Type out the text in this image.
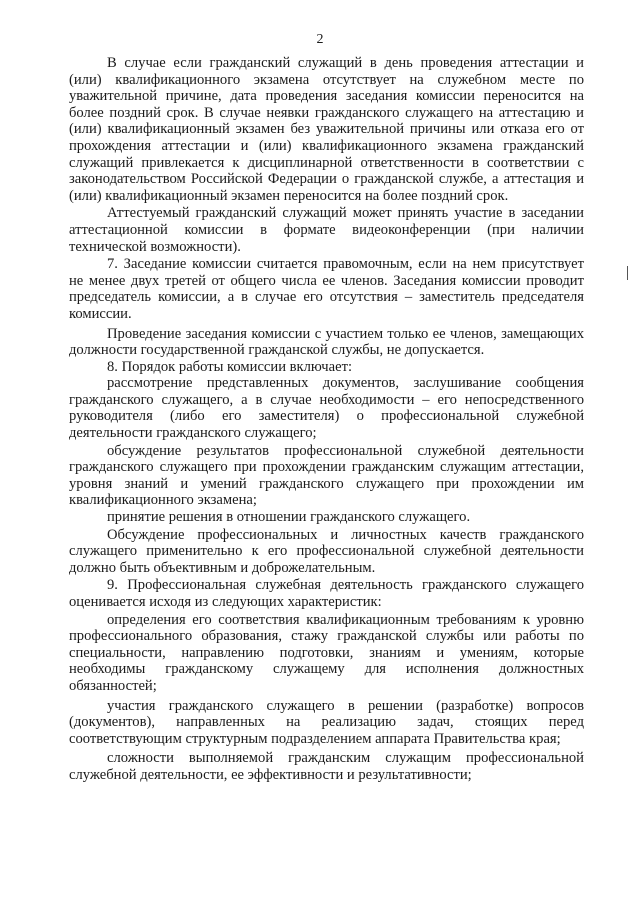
2

В случае если гражданский служащий в день проведения аттестации и (или) квалификационного экзамена отсутствует на служебном месте по уважительной причине, дата проведения заседания комиссии переносится на более поздний срок. В случае неявки гражданского служащего на аттестацию и (или) квалификационный экзамен без уважительной причины или отказа его от прохождения аттестации и (или) квалификационного экзамена гражданский служащий привлекается к дисциплинарной ответственности в соответствии с законодательством Российской Федерации о гражданской службе, а аттестация и (или) квалификационный экзамен переносится на более поздний срок.

Аттестуемый гражданский служащий может принять участие в заседании аттестационной комиссии в формате видеоконференции (при наличии технической возможности).

7. Заседание комиссии считается правомочным, если на нем присутствует не менее двух третей от общего числа ее членов. Заседания комиссии проводит председатель комиссии, а в случае его отсутствия – заместитель председателя комиссии.

Проведение заседания комиссии с участием только ее членов, замещающих должности государственной гражданской службы, не допускается.

8. Порядок работы комиссии включает:

рассмотрение представленных документов, заслушивание сообщения гражданского служащего, а в случае необходимости – его непосредственного руководителя (либо его заместителя) о профессиональной служебной деятельности гражданского служащего;

обсуждение результатов профессиональной служебной деятельности гражданского служащего при прохождении гражданским служащим аттестации, уровня знаний и умений гражданского служащего при прохождении им квалификационного экзамена;

принятие решения в отношении гражданского служащего.

Обсуждение профессиональных и личностных качеств гражданского служащего применительно к его профессиональной служебной деятельности должно быть объективным и доброжелательным.

9. Профессиональная служебная деятельность гражданского служащего оценивается исходя из следующих характеристик:

определения его соответствия квалификационным требованиям к уровню профессионального образования, стажу гражданской службы или работы по специальности, направлению подготовки, знаниям и умениям, которые необходимы гражданскому служащему для исполнения должностных обязанностей;

участия гражданского служащего в решении (разработке) вопросов (документов), направленных на реализацию задач, стоящих перед соответствующим структурным подразделением аппарата Правительства края;

сложности выполняемой гражданским служащим профессиональной служебной деятельности, ее эффективности и результативности;
